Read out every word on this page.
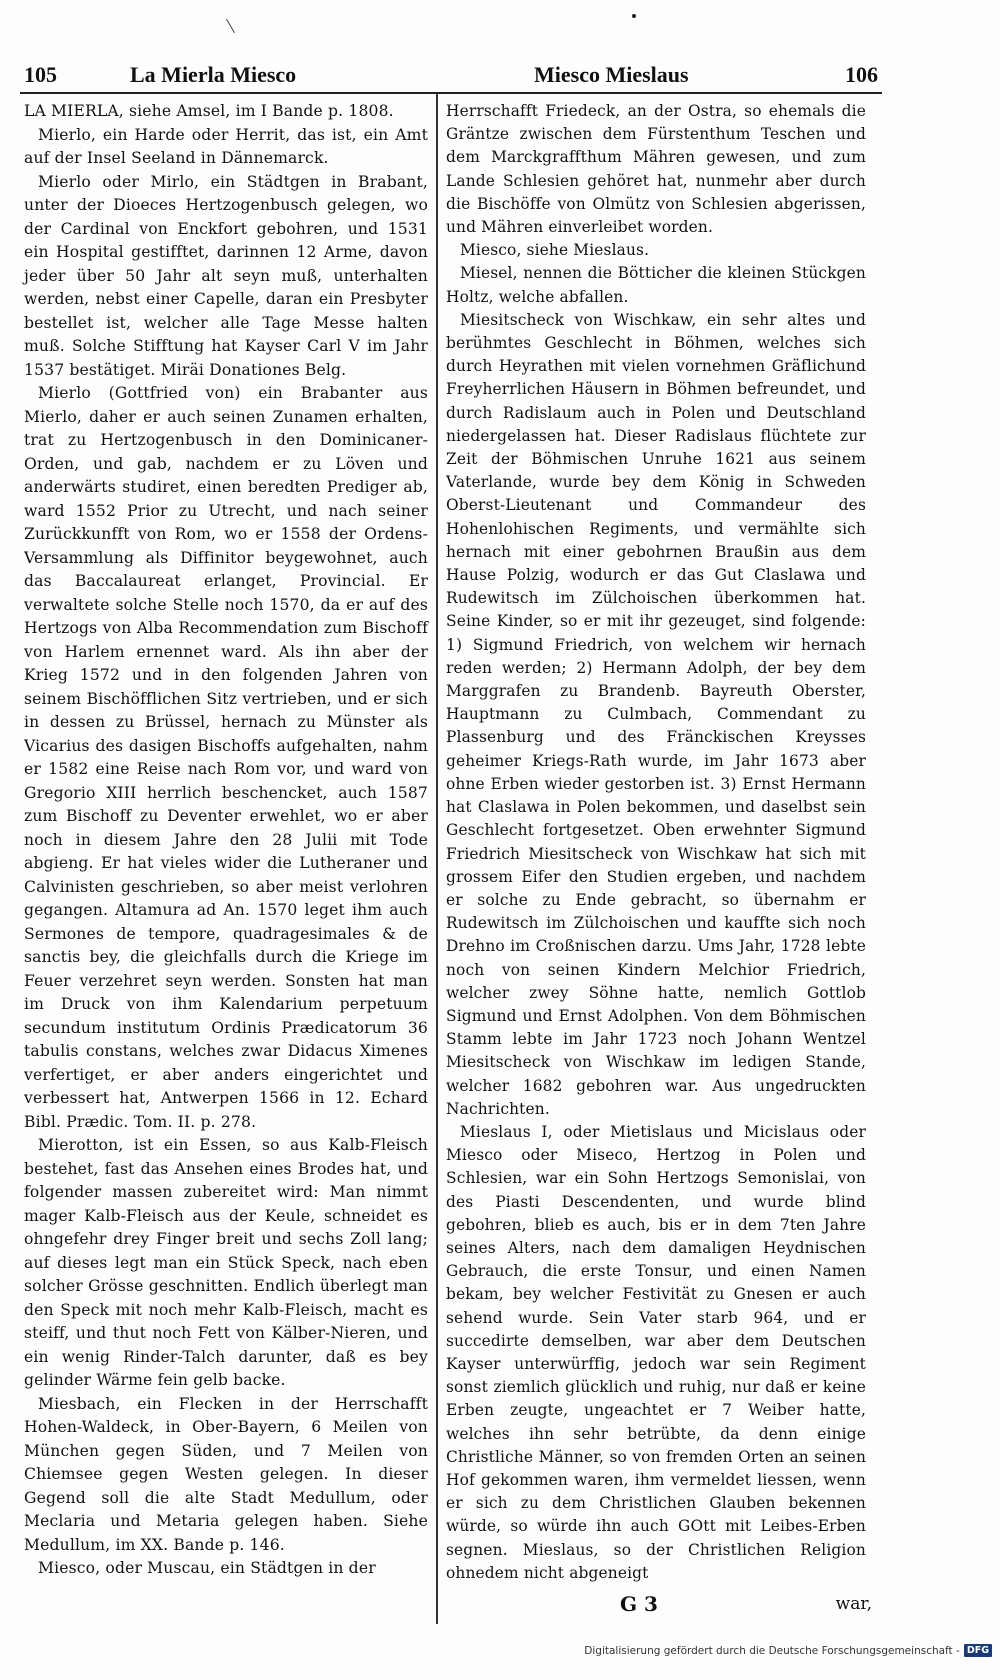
105	La Mierla Miesco	Miesco Mieslaus	106

LA MIERLA, siehe Amsel, im I Bande p. 1808.

Mierlo, ein Harde oder Herrit, das ist, ein Amt auf der Insel Seeland in Dännemarck.

Mierlo oder Mirlo, ein Städtgen in Brabant, unter der Dioeces Hertzogenbusch gelegen, wo der Cardinal von Enckfort gebohren, und 1531 ein Hospital gestifftet, darinnen 12 Arme, davon jeder über 50 Jahr alt seyn muß, unterhalten werden, nebst einer Capelle, daran ein Presbyter bestellet ist, welcher alle Tage Messe halten muß. Solche Stifftung hat Kayser Carl V im Jahr 1537 bestätiget. Miräi Donationes Belg.

Mierlo (Gottfried von) ein Brabanter aus Mierlo, daher er auch seinen Zunamen erhalten, trat zu Hertzogenbusch in den Dominicaner-Orden, und gab, nachdem er zu Löven und anderwärts studiret, einen beredten Prediger ab, ward 1552 Prior zu Utrecht, und nach seiner Zurückkunfft von Rom, wo er 1558 der Ordens-Versammlung als Diffinitor beygewohnet, auch das Baccalaureat erlanget, Provincial. Er verwaltete solche Stelle noch 1570, da er auf des Hertzogs von Alba Recommendation zum Bischoff von Harlem ernennet ward. Als ihn aber der Krieg 1572 und in den folgenden Jahren von seinem Bischöfflichen Sitz vertrieben, und er sich in dessen zu Brüssel, hernach zu Münster als Vicarius des dasigen Bischoffs aufgehalten, nahm er 1582 eine Reise nach Rom vor, und ward von Gregorio XIII herrlich beschencket, auch 1587 zum Bischoff zu Deventer erwehlet, wo er aber noch in diesem Jahre den 28 Julii mit Tode abgieng. Er hat vieles wider die Lutheraner und Calvinisten geschrieben, so aber meist verlohren gegangen. Altamura ad An. 1570 leget ihm auch Sermones de tempore, quadragesimales & de sanctis bey, die gleichfalls durch die Kriege im Feuer verzehret seyn werden. Sonsten hat man im Druck von ihm Kalendarium perpetuum secundum institutum Ordinis Prædicatorum 36 tabulis constans, welches zwar Didacus Ximenes verfertiget, er aber anders eingerichtet und verbessert hat, Antwerpen 1566 in 12. Echard Bibl. Prædic. Tom. II. p. 278.

Mierotton, ist ein Essen, so aus Kalb-Fleisch bestehet, fast das Ansehen eines Brodes hat, und folgender massen zubereitet wird: Man nimmt mager Kalb-Fleisch aus der Keule, schneidet es ohngefehr drey Finger breit und sechs Zoll lang; auf dieses legt man ein Stück Speck, nach eben solcher Grösse geschnitten. Endlich überlegt man den Speck mit noch mehr Kalb-Fleisch, macht es steiff, und thut noch Fett von Kälber-Nieren, und ein wenig Rinder-Talch darunter, daß es bey gelinder Wärme fein gelb backe.

Miesbach, ein Flecken in der Herrschafft Hohen-Waldeck, in Ober-Bayern, 6 Meilen von München gegen Süden, und 7 Meilen von Chiemsee gegen Westen gelegen. In dieser Gegend soll die alte Stadt Medullum, oder Meclaria und Metaria gelegen haben. Siehe Medullum, im XX. Bande p. 146.

Miesco, oder Muscau, ein Städtgen in der

Herrschafft Friedeck, an der Ostra, so ehemals die Gräntze zwischen dem Fürstenthum Teschen und dem Marckgraffthum Mähren gewesen, und zum Lande Schlesien gehöret hat, nunmehr aber durch die Bischöffe von Olmütz von Schlesien abgerissen, und Mähren einverleibet worden.

Miesco, siehe Mieslaus.

Miesel, nennen die Bötticher die kleinen Stückgen Holtz, welche abfallen.

Miesitscheck von Wischkaw, ein sehr altes und berühmtes Geschlecht in Böhmen, welches sich durch Heyrathen mit vielen vornehmen Gräflichund Freyherrlichen Häusern in Böhmen befreundet, und durch Radislaum auch in Polen und Deutschland niedergelassen hat. Dieser Radislaus flüchtete zur Zeit der Böhmischen Unruhe 1621 aus seinem Vaterlande, wurde bey dem König in Schweden Oberst-Lieutenant und Commandeur des Hohenlohischen Regiments, und vermählte sich hernach mit einer gebohrnen Braußin aus dem Hause Polzig, wodurch er das Gut Claslawa und Rudewitsch im Zülchoischen überkommen hat. Seine Kinder, so er mit ihr gezeuget, sind folgende: 1) Sigmund Friedrich, von welchem wir hernach reden werden; 2) Hermann Adolph, der bey dem Marggrafen zu Brandenb. Bayreuth Oberster, Hauptmann zu Culmbach, Commendant zu Plassenburg und des Fränckischen Kreysses geheimer Kriegs-Rath wurde, im Jahr 1673 aber ohne Erben wieder gestorben ist. 3) Ernst Hermann hat Claslawa in Polen bekommen, und daselbst sein Geschlecht fortgesetzet. Oben erwehnter Sigmund Friedrich Miesitscheck von Wischkaw hat sich mit grossem Eifer den Studien ergeben, und nachdem er solche zu Ende gebracht, so übernahm er Rudewitsch im Zülchoischen und kauffte sich noch Drehno im Croßnischen darzu. Ums Jahr, 1728 lebte noch von seinen Kindern Melchior Friedrich, welcher zwey Söhne hatte, nemlich Gottlob Sigmund und Ernst Adolphen. Von dem Böhmischen Stamm lebte im Jahr 1723 noch Johann Wentzel Miesitscheck von Wischkaw im ledigen Stande, welcher 1682 gebohren war. Aus ungedruckten Nachrichten.

Mieslaus I, oder Mietislaus und Micislaus oder Miesco oder Miseco, Hertzog in Polen und Schlesien, war ein Sohn Hertzogs Semonislai, von des Piasti Descendenten, und wurde blind gebohren, blieb es auch, bis er in dem 7ten Jahre seines Alters, nach dem damaligen Heydnischen Gebrauch, die erste Tonsur, und einen Namen bekam, bey welcher Festivität zu Gnesen er auch sehend wurde. Sein Vater starb 964, und er succedirte demselben, war aber dem Deutschen Kayser unterwürffig, jedoch war sein Regiment sonst ziemlich glücklich und ruhig, nur daß er keine Erben zeugte, ungeachtet er 7 Weiber hatte, welches ihn sehr betrübte, da denn einige Christliche Männer, so von fremden Orten an seinen Hof gekommen waren, ihm vermeldet liessen, wenn er sich zu dem Christlichen Glauben bekennen würde, so würde ihn auch GOtt mit Leibes-Erben segnen. Mieslaus, so der Christlichen Religion ohnedem nicht abgeneigt

G 3	war,
Digitalisierung gefördert durch die Deutsche Forschungsgemeinschaft - DFG
